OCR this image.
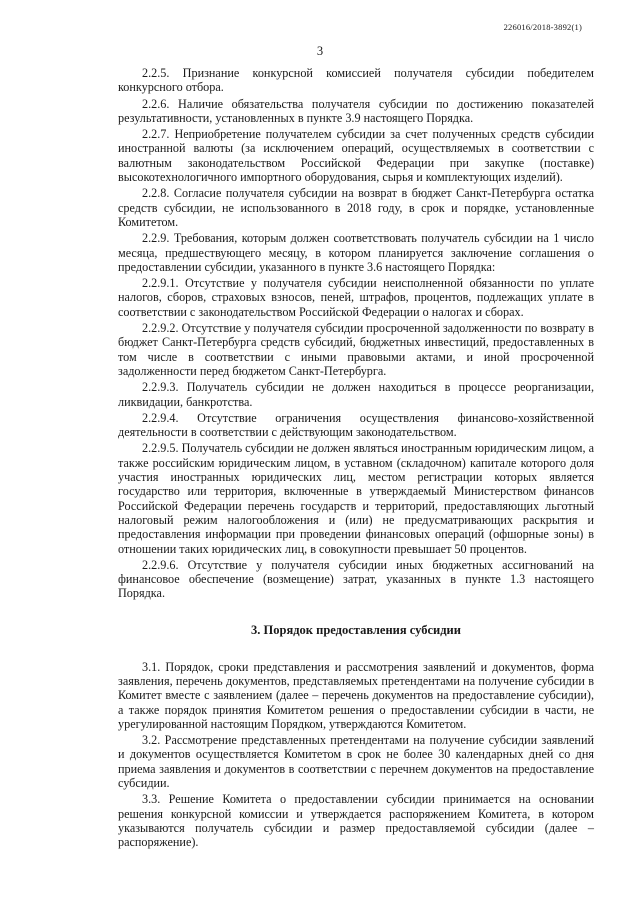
226016/2018-3892(1)
3

2.2.5. Признание конкурсной комиссией получателя субсидии победителем конкурсного отбора.

2.2.6. Наличие обязательства получателя субсидии по достижению показателей результативности, установленных в пункте 3.9 настоящего Порядка.

2.2.7. Неприобретение получателем субсидии за счет полученных средств субсидии иностранной валюты (за исключением операций, осуществляемых в соответствии с валютным законодательством Российской Федерации при закупке (поставке) высокотехнологичного импортного оборудования, сырья и комплектующих изделий).

2.2.8. Согласие получателя субсидии на возврат в бюджет Санкт-Петербурга остатка средств субсидии, не использованного в 2018 году, в срок и порядке, установленные Комитетом.

2.2.9. Требования, которым должен соответствовать получатель субсидии на 1 число месяца, предшествующего месяцу, в котором планируется заключение соглашения о предоставлении субсидии, указанного в пункте 3.6 настоящего Порядка:

2.2.9.1. Отсутствие у получателя субсидии неисполненной обязанности по уплате налогов, сборов, страховых взносов, пеней, штрафов, процентов, подлежащих уплате в соответствии с законодательством Российской Федерации о налогах и сборах.

2.2.9.2. Отсутствие у получателя субсидии просроченной задолженности по возврату в бюджет Санкт-Петербурга средств субсидий, бюджетных инвестиций, предоставленных в том числе в соответствии с иными правовыми актами, и иной просроченной задолженности перед бюджетом Санкт-Петербурга.

2.2.9.3. Получатель субсидии не должен находиться в процессе реорганизации, ликвидации, банкротства.

2.2.9.4. Отсутствие ограничения осуществления финансово-хозяйственной деятельности в соответствии с действующим законодательством.

2.2.9.5. Получатель субсидии не должен являться иностранным юридическим лицом, а также российским юридическим лицом, в уставном (складочном) капитале которого доля участия иностранных юридических лиц, местом регистрации которых является государство или территория, включенные в утверждаемый Министерством финансов Российской Федерации перечень государств и территорий, предоставляющих льготный налоговый режим налогообложения и (или) не предусматривающих раскрытия и предоставления информации при проведении финансовых операций (офшорные зоны) в отношении таких юридических лиц, в совокупности превышает 50 процентов.

2.2.9.6. Отсутствие у получателя субсидии иных бюджетных ассигнований на финансовое обеспечение (возмещение) затрат, указанных в пункте 1.3 настоящего Порядка.

3. Порядок предоставления субсидии

3.1. Порядок, сроки представления и рассмотрения заявлений и документов, форма заявления, перечень документов, представляемых претендентами на получение субсидии в Комитет вместе с заявлением (далее – перечень документов на предоставление субсидии), а также порядок принятия Комитетом решения о предоставлении субсидии в части, не урегулированной настоящим Порядком, утверждаются Комитетом.

3.2. Рассмотрение представленных претендентами на получение субсидии заявлений и документов осуществляется Комитетом в срок не более 30 календарных дней со дня приема заявления и документов в соответствии с перечнем документов на предоставление субсидии.

3.3. Решение Комитета о предоставлении субсидии принимается на основании решения конкурсной комиссии и утверждается распоряжением Комитета, в котором указываются получатель субсидии и размер предоставляемой субсидии (далее – распоряжение).
